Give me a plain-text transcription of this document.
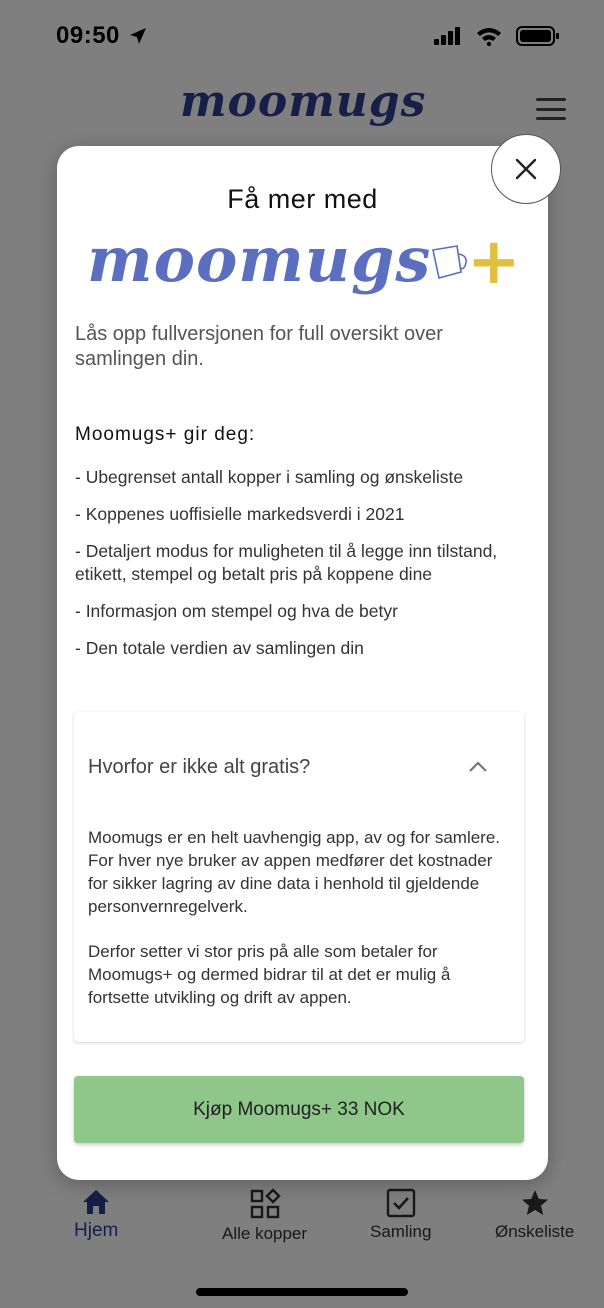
Få mer med
moomugs +
Lås opp fullversjonen for full oversikt over samlingen din.
Moomugs+ gir deg:
- Ubegrenset antall kopper i samling og ønskeliste
- Koppenes uoffisielle markedsverdi i 2021
- Detaljert modus for muligheten til å legge inn tilstand, etikett, stempel og betalt pris på koppene dine
- Informasjon om stempel og hva de betyr
- Den totale verdien av samlingen din
Hvorfor er ikke alt gratis?

Moomugs er en helt uavhengig app, av og for samlere. For hver nye bruker av appen medfører det kostnader for sikker lagring av dine data i henhold til gjeldende personvernregelverk.

Derfor setter vi stor pris på alle som betaler for Moomugs+ og dermed bidrar til at det er mulig å fortsette utvikling og drift av appen.

Kjøp Moomugs+ 33 NOK
